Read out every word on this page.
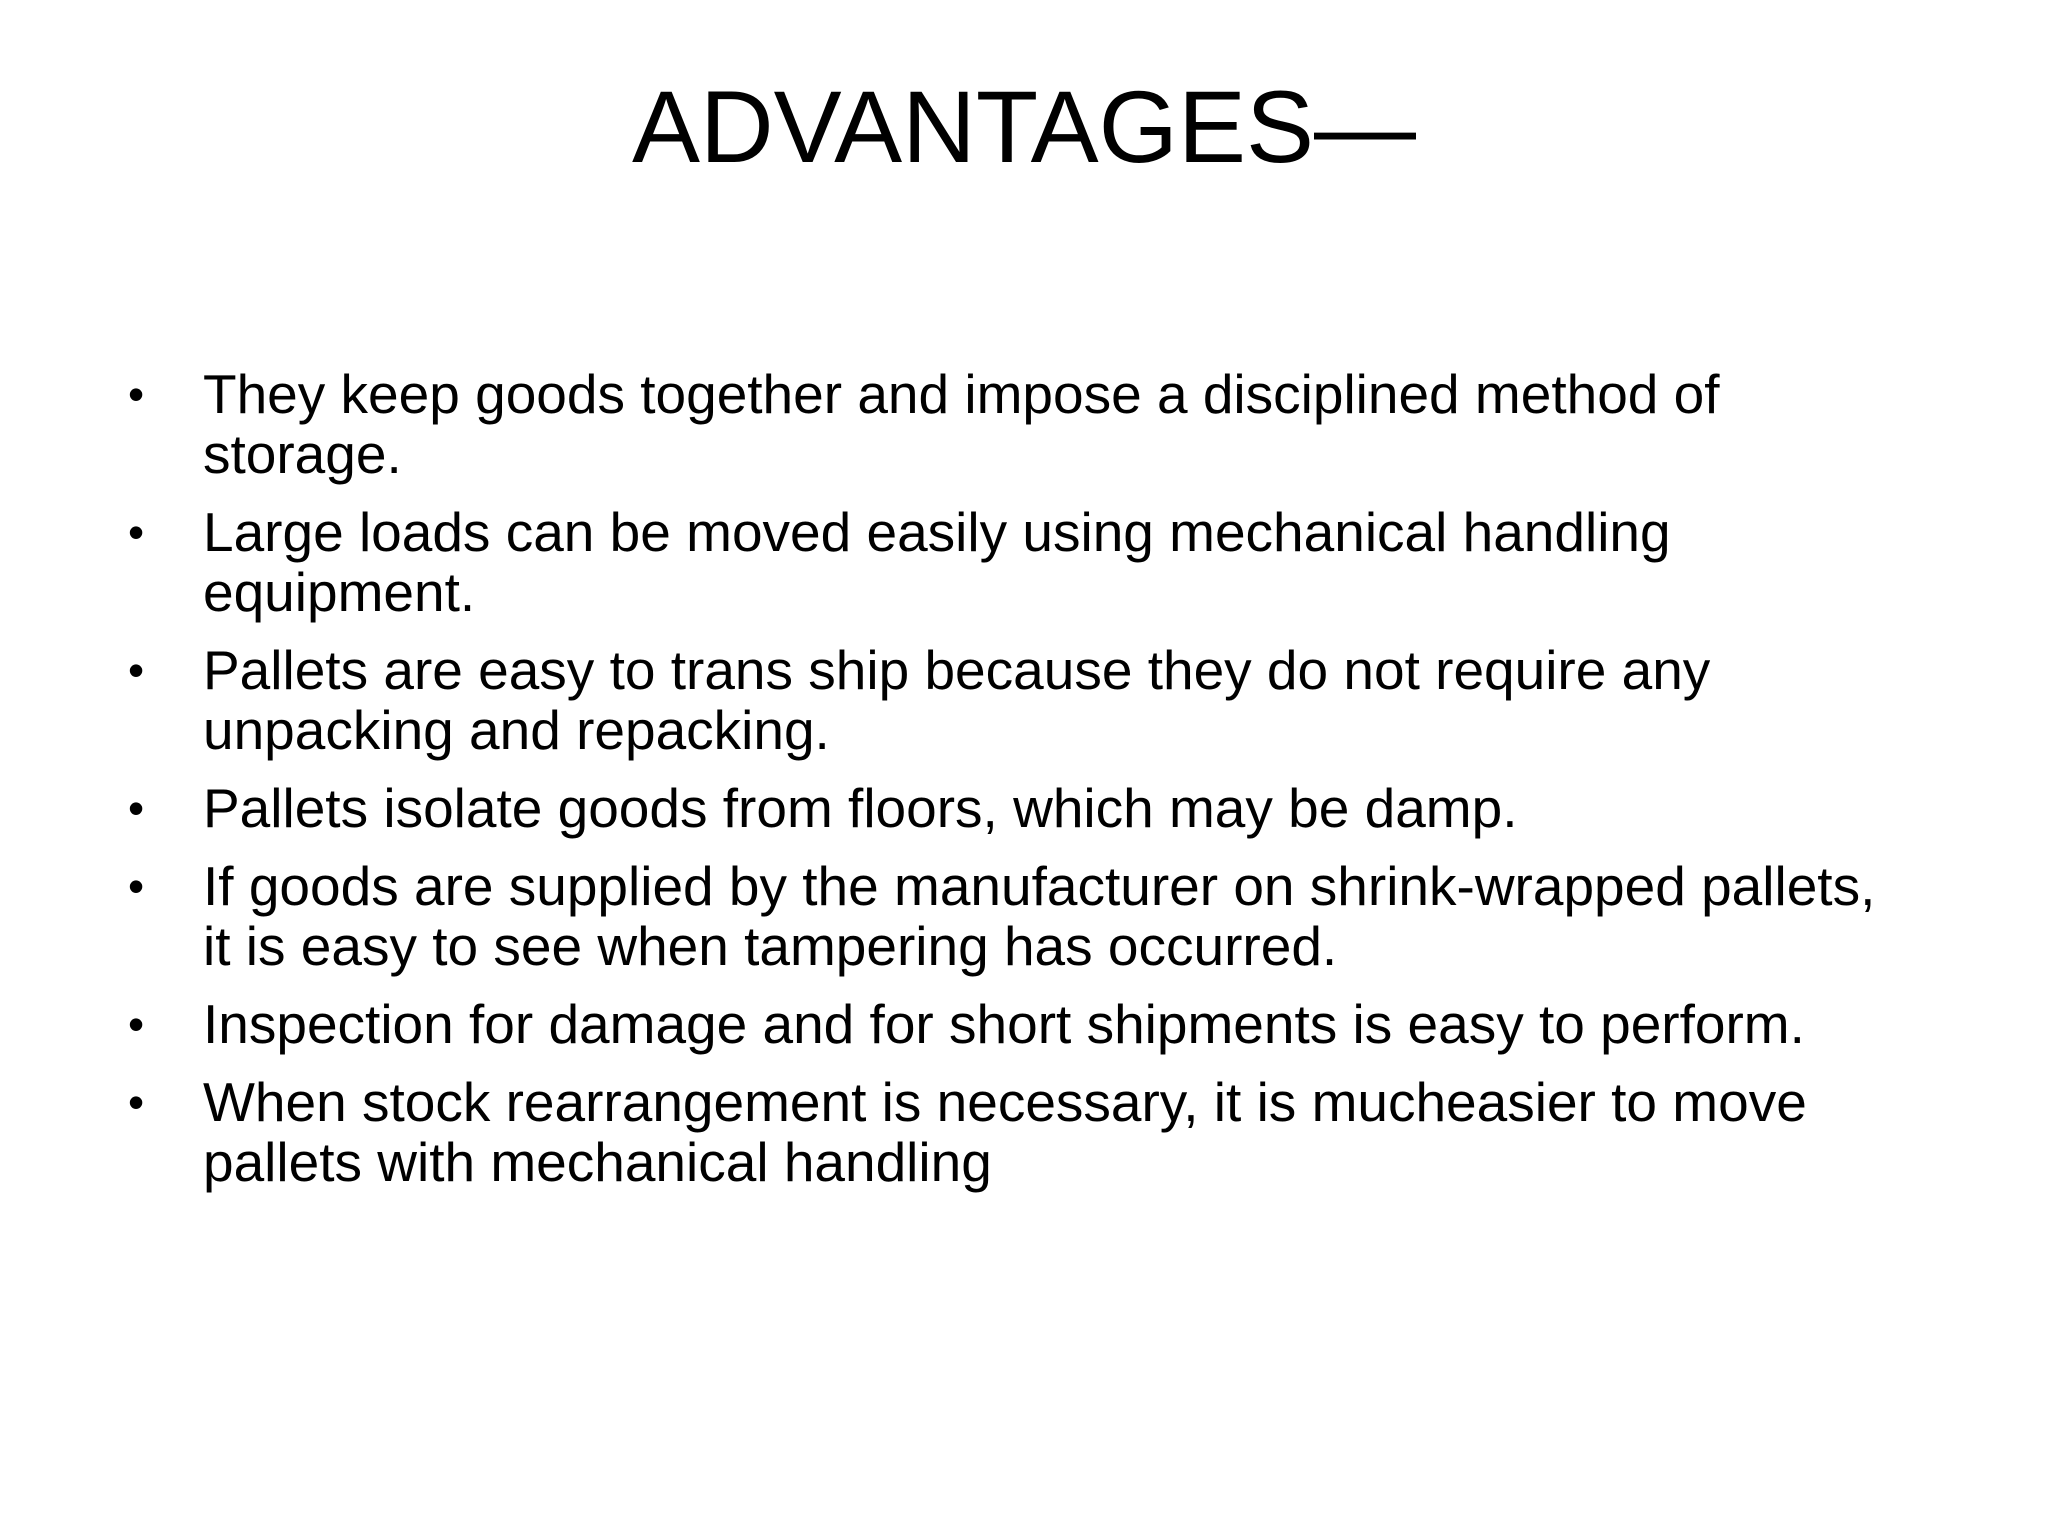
ADVANTAGES—
•	They keep goods together and impose a disciplined method of storage.
•	Large loads can be moved easily using mechanical handling equipment.
•	Pallets are easy to trans ship because they do not require any unpacking and repacking.
•	Pallets isolate goods from floors, which may be damp.
•	If goods are supplied by the manufacturer on shrink-wrapped pallets, it is easy to see when tampering has occurred.
•	Inspection for damage and for short shipments is easy to perform.
•	When stock rearrangement is necessary, it is mucheasier to move pallets with mechanical handling
